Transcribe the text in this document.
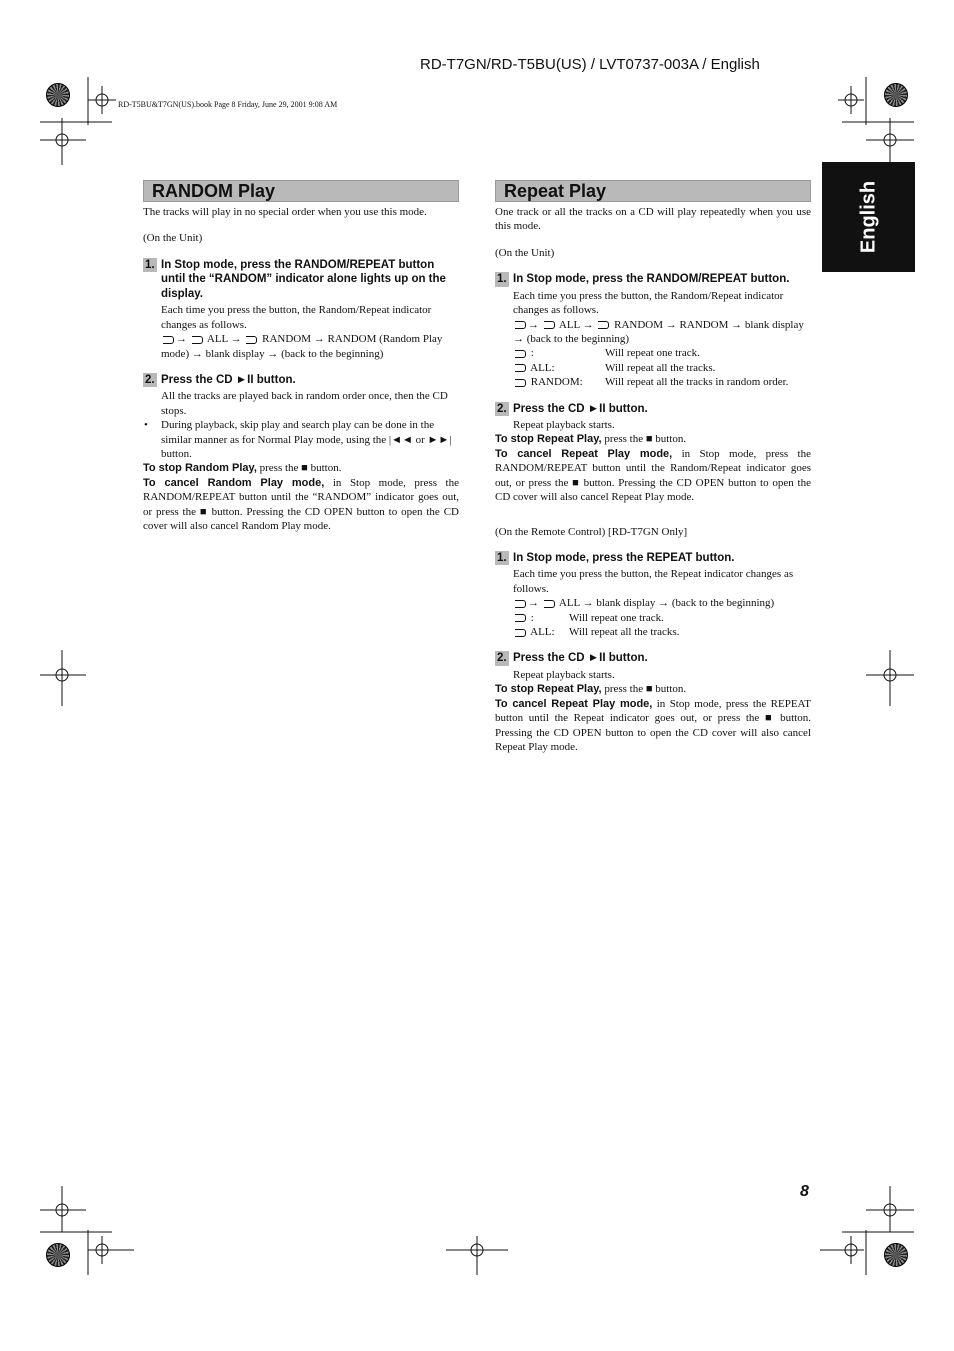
RD-T7GN/RD-T5BU(US) / LVT0737-003A / English
RD-T5BU&T7GN(US).book Page 8 Friday, June 29, 2001 9:08 AM
English
RANDOM Play

The tracks will play in no special order when you use this mode.

(On the Unit)

1. In Stop mode, press the RANDOM/REPEAT button until the “RANDOM” indicator alone lights up on the display.

Each time you press the button, the Random/Repeat indicator changes as follows.

→  ALL →  RANDOM → RANDOM (Random Play mode) → blank display → (back to the beginning)

2. Press the CD ►II button.

All the tracks are played back in random order once, then the CD stops.

• During playback, skip play and search play can be done in the similar manner as for Normal Play mode, using the |◄◄ or ►►| button.

To stop Random Play, press the ■ button.

To cancel Random Play mode, in Stop mode, press the RANDOM/REPEAT button until the “RANDOM” indicator goes out, or press the ■ button. Pressing the CD OPEN button to open the CD cover will also cancel Random Play mode.

Repeat Play

One track or all the tracks on a CD will play repeatedly when you use this mode.

(On the Unit)

1. In Stop mode, press the RANDOM/REPEAT button.

Each time you press the button, the Random/Repeat indicator changes as follows.

→  ALL →  RANDOM → RANDOM → blank display → (back to the beginning)

:	Will repeat one track.
ALL:	Will repeat all the tracks.
RANDOM:	Will repeat all the tracks in random order.
2. Press the CD ►II button.

Repeat playback starts.

To stop Repeat Play, press the ■ button.

To cancel Repeat Play mode, in Stop mode, press the RANDOM/REPEAT button until the Random/Repeat indicator goes out, or press the ■ button. Pressing the CD OPEN button to open the CD cover will also cancel Repeat Play mode.

(On the Remote Control) [RD-T7GN Only]

1. In Stop mode, press the REPEAT button.

Each time you press the button, the Repeat indicator changes as follows.

→  ALL → blank display → (back to the beginning)

:	Will repeat one track.
ALL:	Will repeat all the tracks.
2. Press the CD ►II button.

Repeat playback starts.

To stop Repeat Play, press the ■ button.

To cancel Repeat Play mode, in Stop mode, press the REPEAT button until the Repeat indicator goes out, or press the ■ button. Pressing the CD OPEN button to open the CD cover will also cancel Repeat Play mode.

8
